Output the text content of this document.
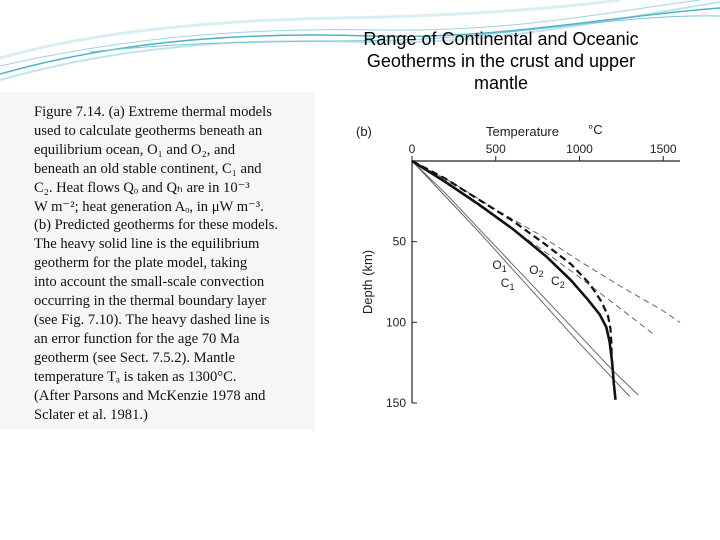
Range of Continental and Oceanic
Geotherms in the crust and upper
mantle
Figure 7.14. (a) Extreme thermal models
used to calculate geotherms beneath an
equilibrium ocean, O₁ and O₂, and
beneath an old stable continent, C₁ and
C₂. Heat flows Qₒ and Qₕ are in 10⁻³
W m⁻²; heat generation Aₒ, in μW m⁻³.
(b) Predicted geotherms for these models.
The heavy solid line is the equilibrium
geotherm for the plate model, taking
into account the small-scale convection
occurring in the thermal boundary layer
(see Fig. 7.10). The heavy dashed line is
an error function for the age 70 Ma
geotherm (see Sect. 7.5.2). Mantle
temperature Tₐ is taken as 1300°C.
(After Parsons and McKenzie 1978 and
Sclater et al. 1981.)
0	500	1000	1500
50
100
150
(b)	Temperature °C
Depth (km)	$O_1$ $O_2$
$C_1$	$C_2$
